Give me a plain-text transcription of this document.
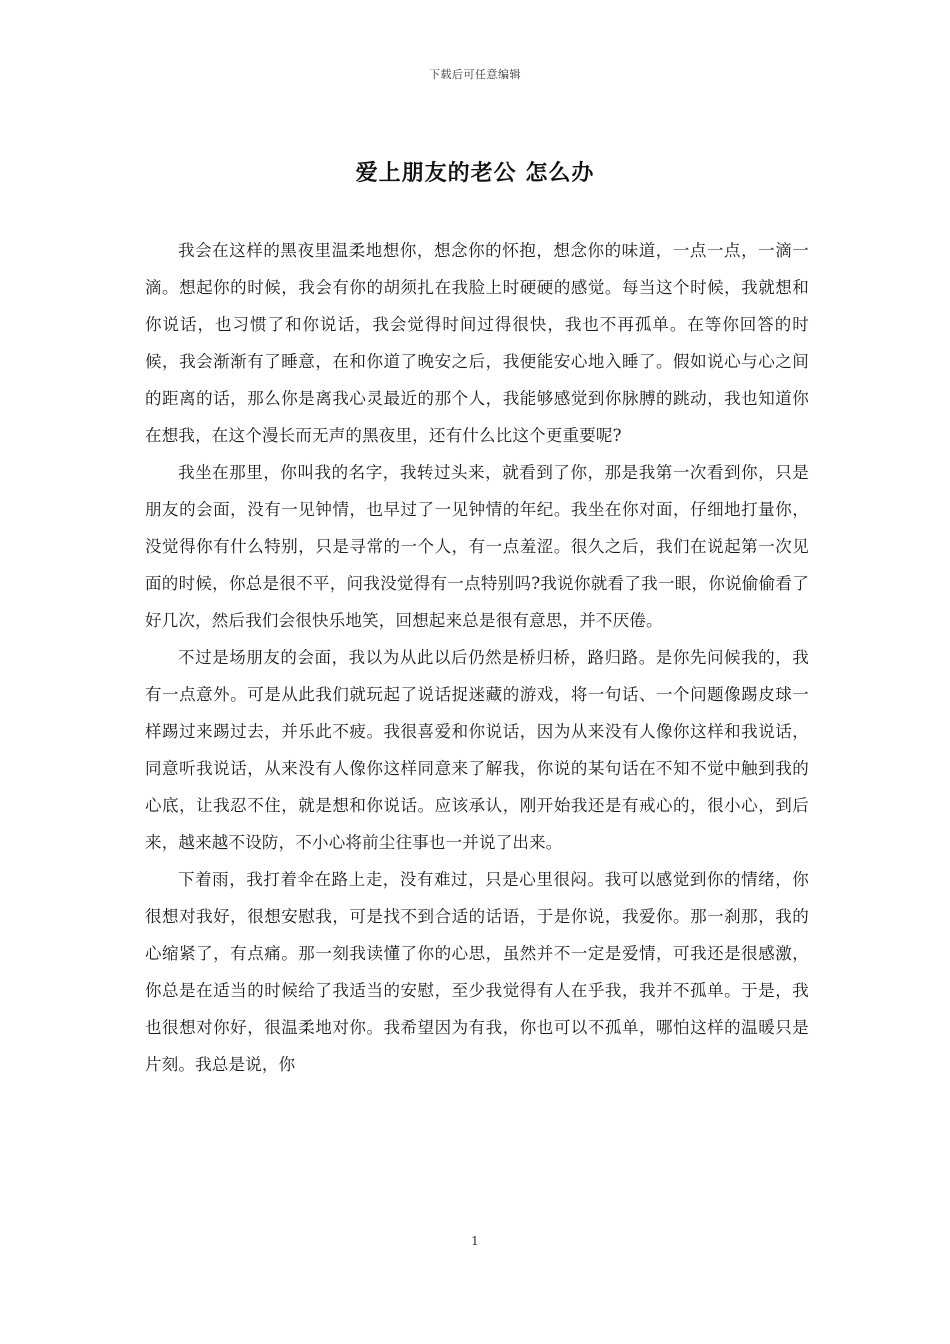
下载后可任意编辑
爱上朋友的老公 怎么办

我会在这样的黑夜里温柔地想你，想念你的怀抱，想念你的味道，一点一点，一滴一滴。想起你的时候，我会有你的胡须扎在我脸上时硬硬的感觉。每当这个时候，我就想和你说话，也习惯了和你说话，我会觉得时间过得很快，我也不再孤单。在等你回答的时候，我会渐渐有了睡意，在和你道了晚安之后，我便能安心地入睡了。假如说心与心之间的距离的话，那么你是离我心灵最近的那个人，我能够感觉到你脉膊的跳动，我也知道你在想我，在这个漫长而无声的黑夜里，还有什么比这个更重要呢?

我坐在那里，你叫我的名字，我转过头来，就看到了你，那是我第一次看到你，只是朋友的会面，没有一见钟情，也早过了一见钟情的年纪。我坐在你对面，仔细地打量你，没觉得你有什么特别，只是寻常的一个人，有一点羞涩。很久之后，我们在说起第一次见面的时候，你总是很不平，问我没觉得有一点特别吗?我说你就看了我一眼，你说偷偷看了好几次，然后我们会很快乐地笑，回想起来总是很有意思，并不厌倦。

不过是场朋友的会面，我以为从此以后仍然是桥归桥，路归路。是你先问候我的，我有一点意外。可是从此我们就玩起了说话捉迷藏的游戏，将一句话、一个问题像踢皮球一样踢过来踢过去，并乐此不疲。我很喜爱和你说话，因为从来没有人像你这样和我说话，同意听我说话，从来没有人像你这样同意来了解我，你说的某句话在不知不觉中触到我的心底，让我忍不住，就是想和你说话。应该承认，刚开始我还是有戒心的，很小心，到后来，越来越不设防，不小心将前尘往事也一并说了出来。

下着雨，我打着伞在路上走，没有难过，只是心里很闷。我可以感觉到你的情绪，你很想对我好，很想安慰我，可是找不到合适的话语，于是你说，我爱你。那一刹那，我的心缩紧了，有点痛。那一刻我读懂了你的心思，虽然并不一定是爱情，可我还是很感激，你总是在适当的时候给了我适当的安慰，至少我觉得有人在乎我，我并不孤单。于是，我也很想对你好，很温柔地对你。我希望因为有我，你也可以不孤单，哪怕这样的温暖只是片刻。我总是说，你

1
